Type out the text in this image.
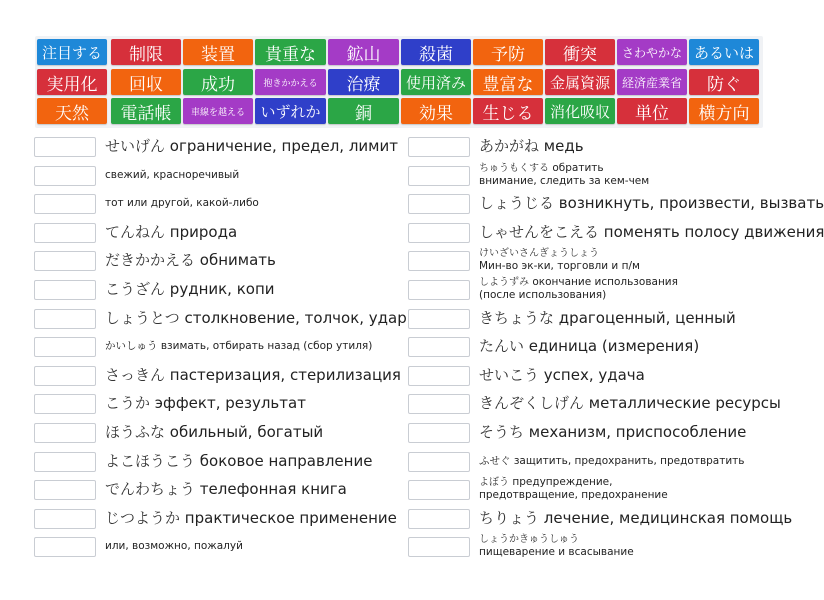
注目する 制限 装置 貴重な 鉱山 殺菌 予防 衝突 さわやかな あるいは
実用化 回収 成功	抱きかかえる 治療 使用済み 豊富な 金属資源 経済産業省 防ぐ
天然 電話帳 車線を越える いずれか 銅	効果 生じる 消化吸収 単位 横方向
せいげん ограничение, предел, лимит
свежий, красноречивый
тот или другой, какой-либо
てんねん природа
だきかかえる обнимать
こうざん рудник, копи
しょうとつ столкновение, толчок, удар
かいしゅう взимать, отбирать назад (сбор утиля)
さっきん пастеризация, стерилизация
こうか эффект, результат
ほうふな обильный, богатый
よこほうこう боковое направление
でんわちょう телефонная книга
じつようか практическое применение
или, возможно, пожалуй
あかがね медь
ちゅうもくする обратить
внимание, следить за кем-чем
しょうじる возникнуть, произвести, вызвать
しゃせんをこえる поменять полосу движения
けいざいさんぎょうしょう
Мин-во эк-ки, торговли и п/м
しようずみ окончание использования
(после использования)
きちょうな драгоценный, ценный
たんい единица (измерения)
せいこう успех, удача
きんぞくしげん металлические ресурсы
そうち механизм, приспособление
ふせぐ защитить, предохранить, предотвратить
よぼう предупреждение,
предотвращение, предохранение
ちりょう лечение, медицинская помощь
しょうかきゅうしゅう
пищеварение и всасывание
